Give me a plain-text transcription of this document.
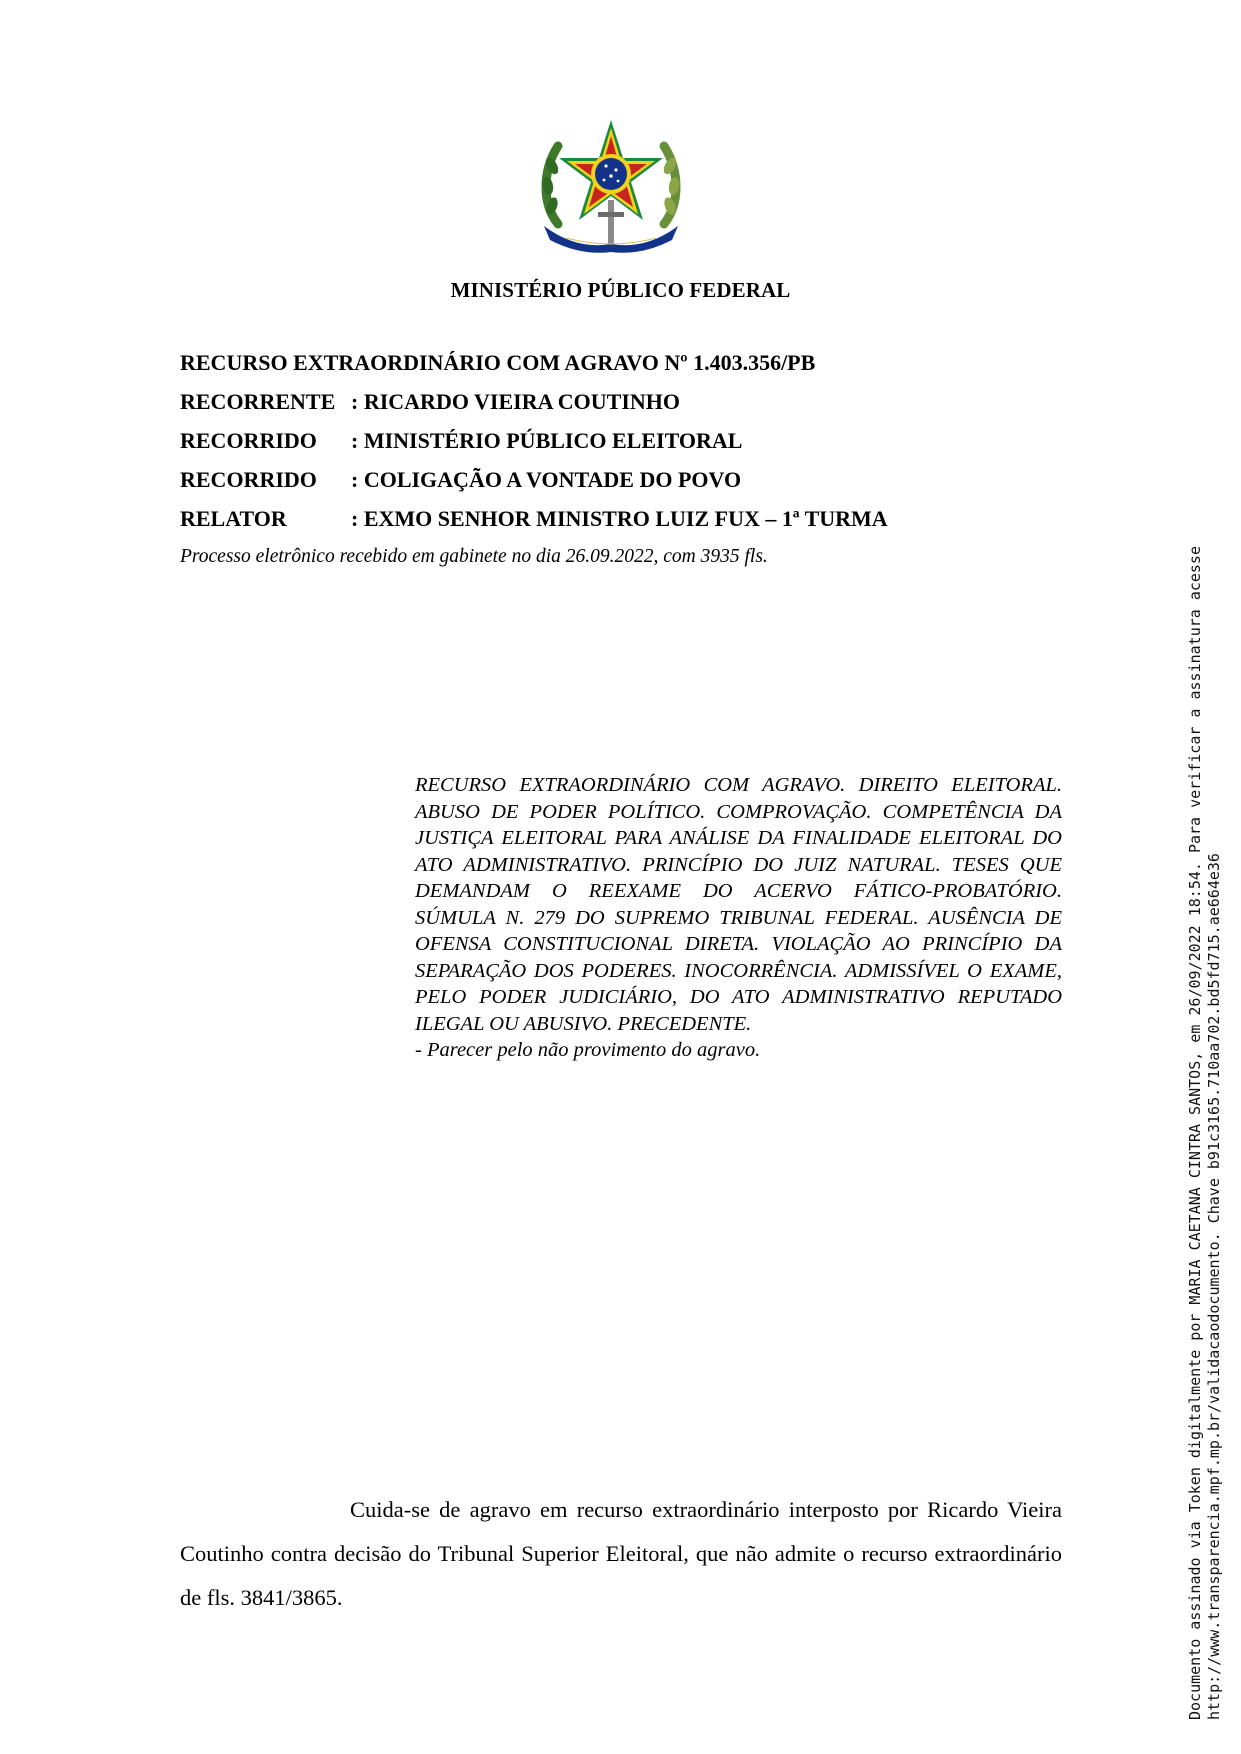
MINISTÉRIO PÚBLICO FEDERAL
RECURSO EXTRAORDINÁRIO COM AGRAVO Nº 1.403.356/PB
RECORRENTE : RICARDO VIEIRA COUTINHO
RECORRIDO : MINISTÉRIO PÚBLICO ELEITORAL
RECORRIDO : COLIGAÇÃO A VONTADE DO POVO
RELATOR	: EXMO SENHOR MINISTRO LUIZ FUX – 1ª TURMA
Processo eletrônico recebido em gabinete no dia 26.09.2022, com 3935 fls.

RECURSO EXTRAORDINÁRIO COM AGRAVO. DIREITO ELEITORAL. ABUSO DE PODER POLÍTICO. COMPROVAÇÃO. COMPETÊNCIA DA JUSTIÇA ELEITORAL PARA ANÁLISE DA FINALIDADE ELEITORAL DO ATO ADMINISTRATIVO. PRINCÍPIO DO JUIZ NATURAL. TESES QUE DEMANDAM O REEXAME DO ACERVO FÁTICO-PROBATÓRIO. SÚMULA N. 279 DO SUPREMO TRIBUNAL FEDERAL. AUSÊNCIA DE OFENSA CONSTITUCIONAL DIRETA. VIOLAÇÃO AO PRINCÍPIO DA SEPARAÇÃO DOS PODERES. INOCORRÊNCIA. ADMISSÍVEL O EXAME, PELO PODER JUDICIÁRIO, DO ATO ADMINISTRATIVO REPUTADO ILEGAL OU ABUSIVO. PRECEDENTE.

- Parecer pelo não provimento do agravo.

Cuida-se de agravo em recurso extraordinário interposto por Ricardo Vieira Coutinho contra decisão do Tribunal Superior Eleitoral, que não admite o recurso extraordinário de fls. 3841/3865.	Documento assinado via Token digitalmente por MARIA CAETANA CINTRA SANTOS, em 26/09/2022 18:54. Para verificar a assinatura acesse http://www.transparencia.mpf.mp.br/validacaodocumento. Chave b91c3165.710aa702.bd5fd715.ae664e36
